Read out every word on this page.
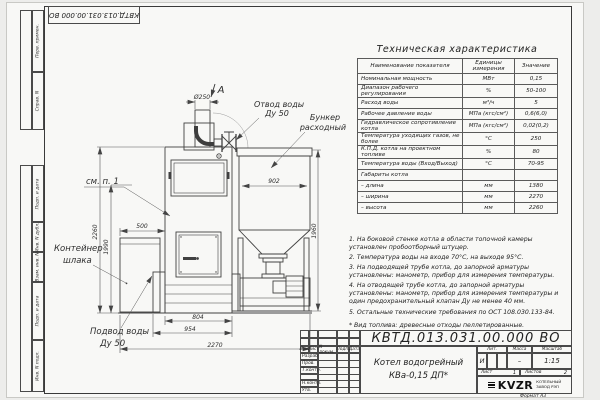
Перв. примен.
Справ. N
Подп. и дата
Инв. N дубл.
Взам. инв. N
Подп. и дата
Инв. N подл.
КВТД.013.031.00.000 ВО
Техническая характеристика
Наименование показателя	Единицы измерения	Значение
Номинальная мощность	МВт	0,15
Диапазон рабочего регулирования	%	50-100
Расход воды	м³/ч	5
Рабочее давление воды	МПа (кгс/см²)	0,6(6,0)
Гидравлическое сопротивление котла	МПа (кгс/см²)	0,02(0,2)
Температура уходящих газов, не более	°С	250
К.П.Д. котла на проектном топливе	%	80
Температура воды (Вход/Выход)	°С	70-95
Габариты котла		
– длина	мм	1380
– ширина	мм	2270
– высота	мм	2260

1. На боковой стенке котла в области топочной камеры установлен пробоотборный штуцер.

2. Температура воды на входе 70°С, на выходе 95°С.

3. На подводящей трубе котла, до запорной арматуры установлены: манометр, прибор для измерения температуры.

4. На отводящей трубе котла, до запорной арматуры установлены: манометр, прибор для измерения температуры и один предохранительный клапан Ду не менее 40 мм.

5. Остальные технические требования по ОСТ 108.030.133-84.

* Вид топлива: древесные отходы пеллетированные.

Ø250
902
500
2260
1990
1960
804
954
2270
А
см. п. 1
Отвод воды
Ду 50	Бункер
расходный
Контейнер
шлака
Подвод воды
Ду 50	КВТД.013.031.00.000 ВО
Изм.
Лист N докум. Подп. Дата
Разраб.
Пров.
Т.контр.
Н.контр.
Утв.
Котел водогрейный
КВа-0,15 ДП*
Лит.	Масса	Масштаб
И	–	1:15
Лист	1 Листов	2
KVZR КОТЕЛЬНЫЙ
ЗАВОД РЭП
Формат А3
